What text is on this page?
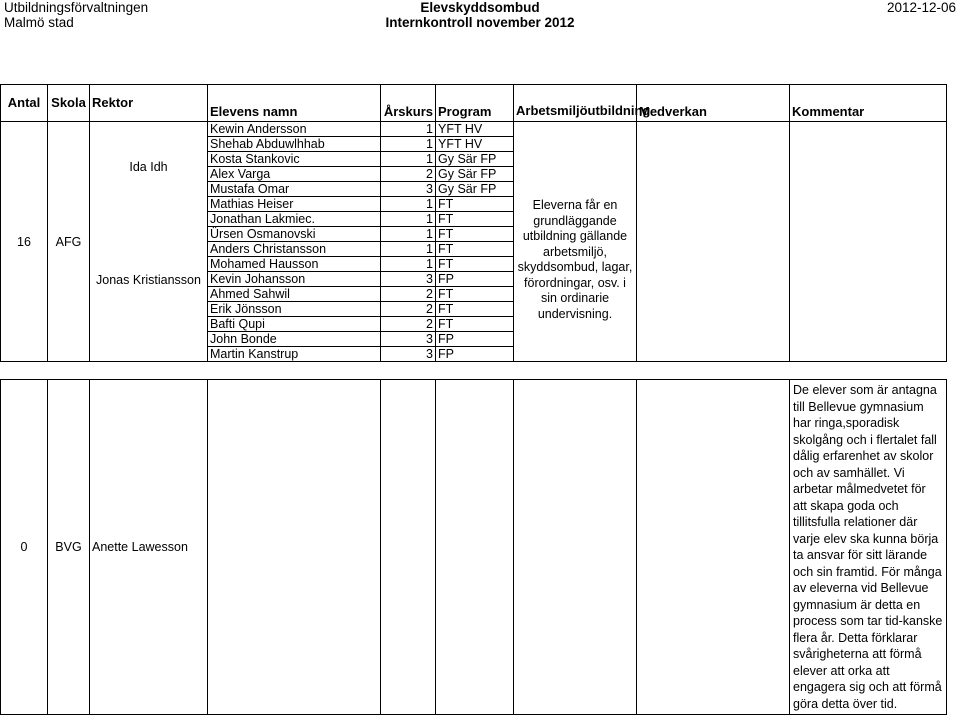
Utbildningsförvaltningen
Malmö stad
Elevskyddsombud
Internkontroll november 2012
2012-12-06
Antal	Skola	Rektor	Elevens namn	Årskurs	Program	Arbetsmiljöutbildning	Medverkan	Kommentar
16	AFG	Ida Idh	Kewin Andersson	1	YFT HV	Eleverna får en grundläggande utbildning gällande arbetsmiljö, skyddsombud, lagar, förordningar, osv. i sin ordinarie undervisning.		
			Shehab Abduwlhhab	1	YFT HV			
			Kosta Stankovic	1	Gy Sär FP			
			Alex Varga	2	Gy Sär FP			
			Mustafa Omar	3	Gy Sär FP			
			Mathias Heiser	1	FT			
		Jonas Kristiansson	Jonathan Lakmiec.	1	FT			
			Ürsen Osmanovski	1	FT			
			Anders Christansson	1	FT			
			Mohamed Hausson	1	FT			
			Kevin Johansson	3	FP			
			Ahmed Sahwil	2	FT			
			Erik Jönsson	2	FT			
			Bafti Qupi	2	FT			
			John Bonde	3	FP			
			Martin Kanstrup	3	FP			

0	BVG	Anette Lawesson						De elever som är antagna till Bellevue gymnasium har ringa,sporadisk skolgång och i flertalet fall dålig erfarenhet av skolor och av samhället. Vi arbetar målmedvetet för att skapa goda och tillitsfulla relationer där varje elev ska kunna börja ta ansvar för sitt lärande och sin framtid. För många av eleverna vid Bellevue gymnasium är detta en process som tar tid-kanske flera år. Detta förklarar svårigheterna att förmå elever att orka att engagera sig och att förmå göra detta över tid.
